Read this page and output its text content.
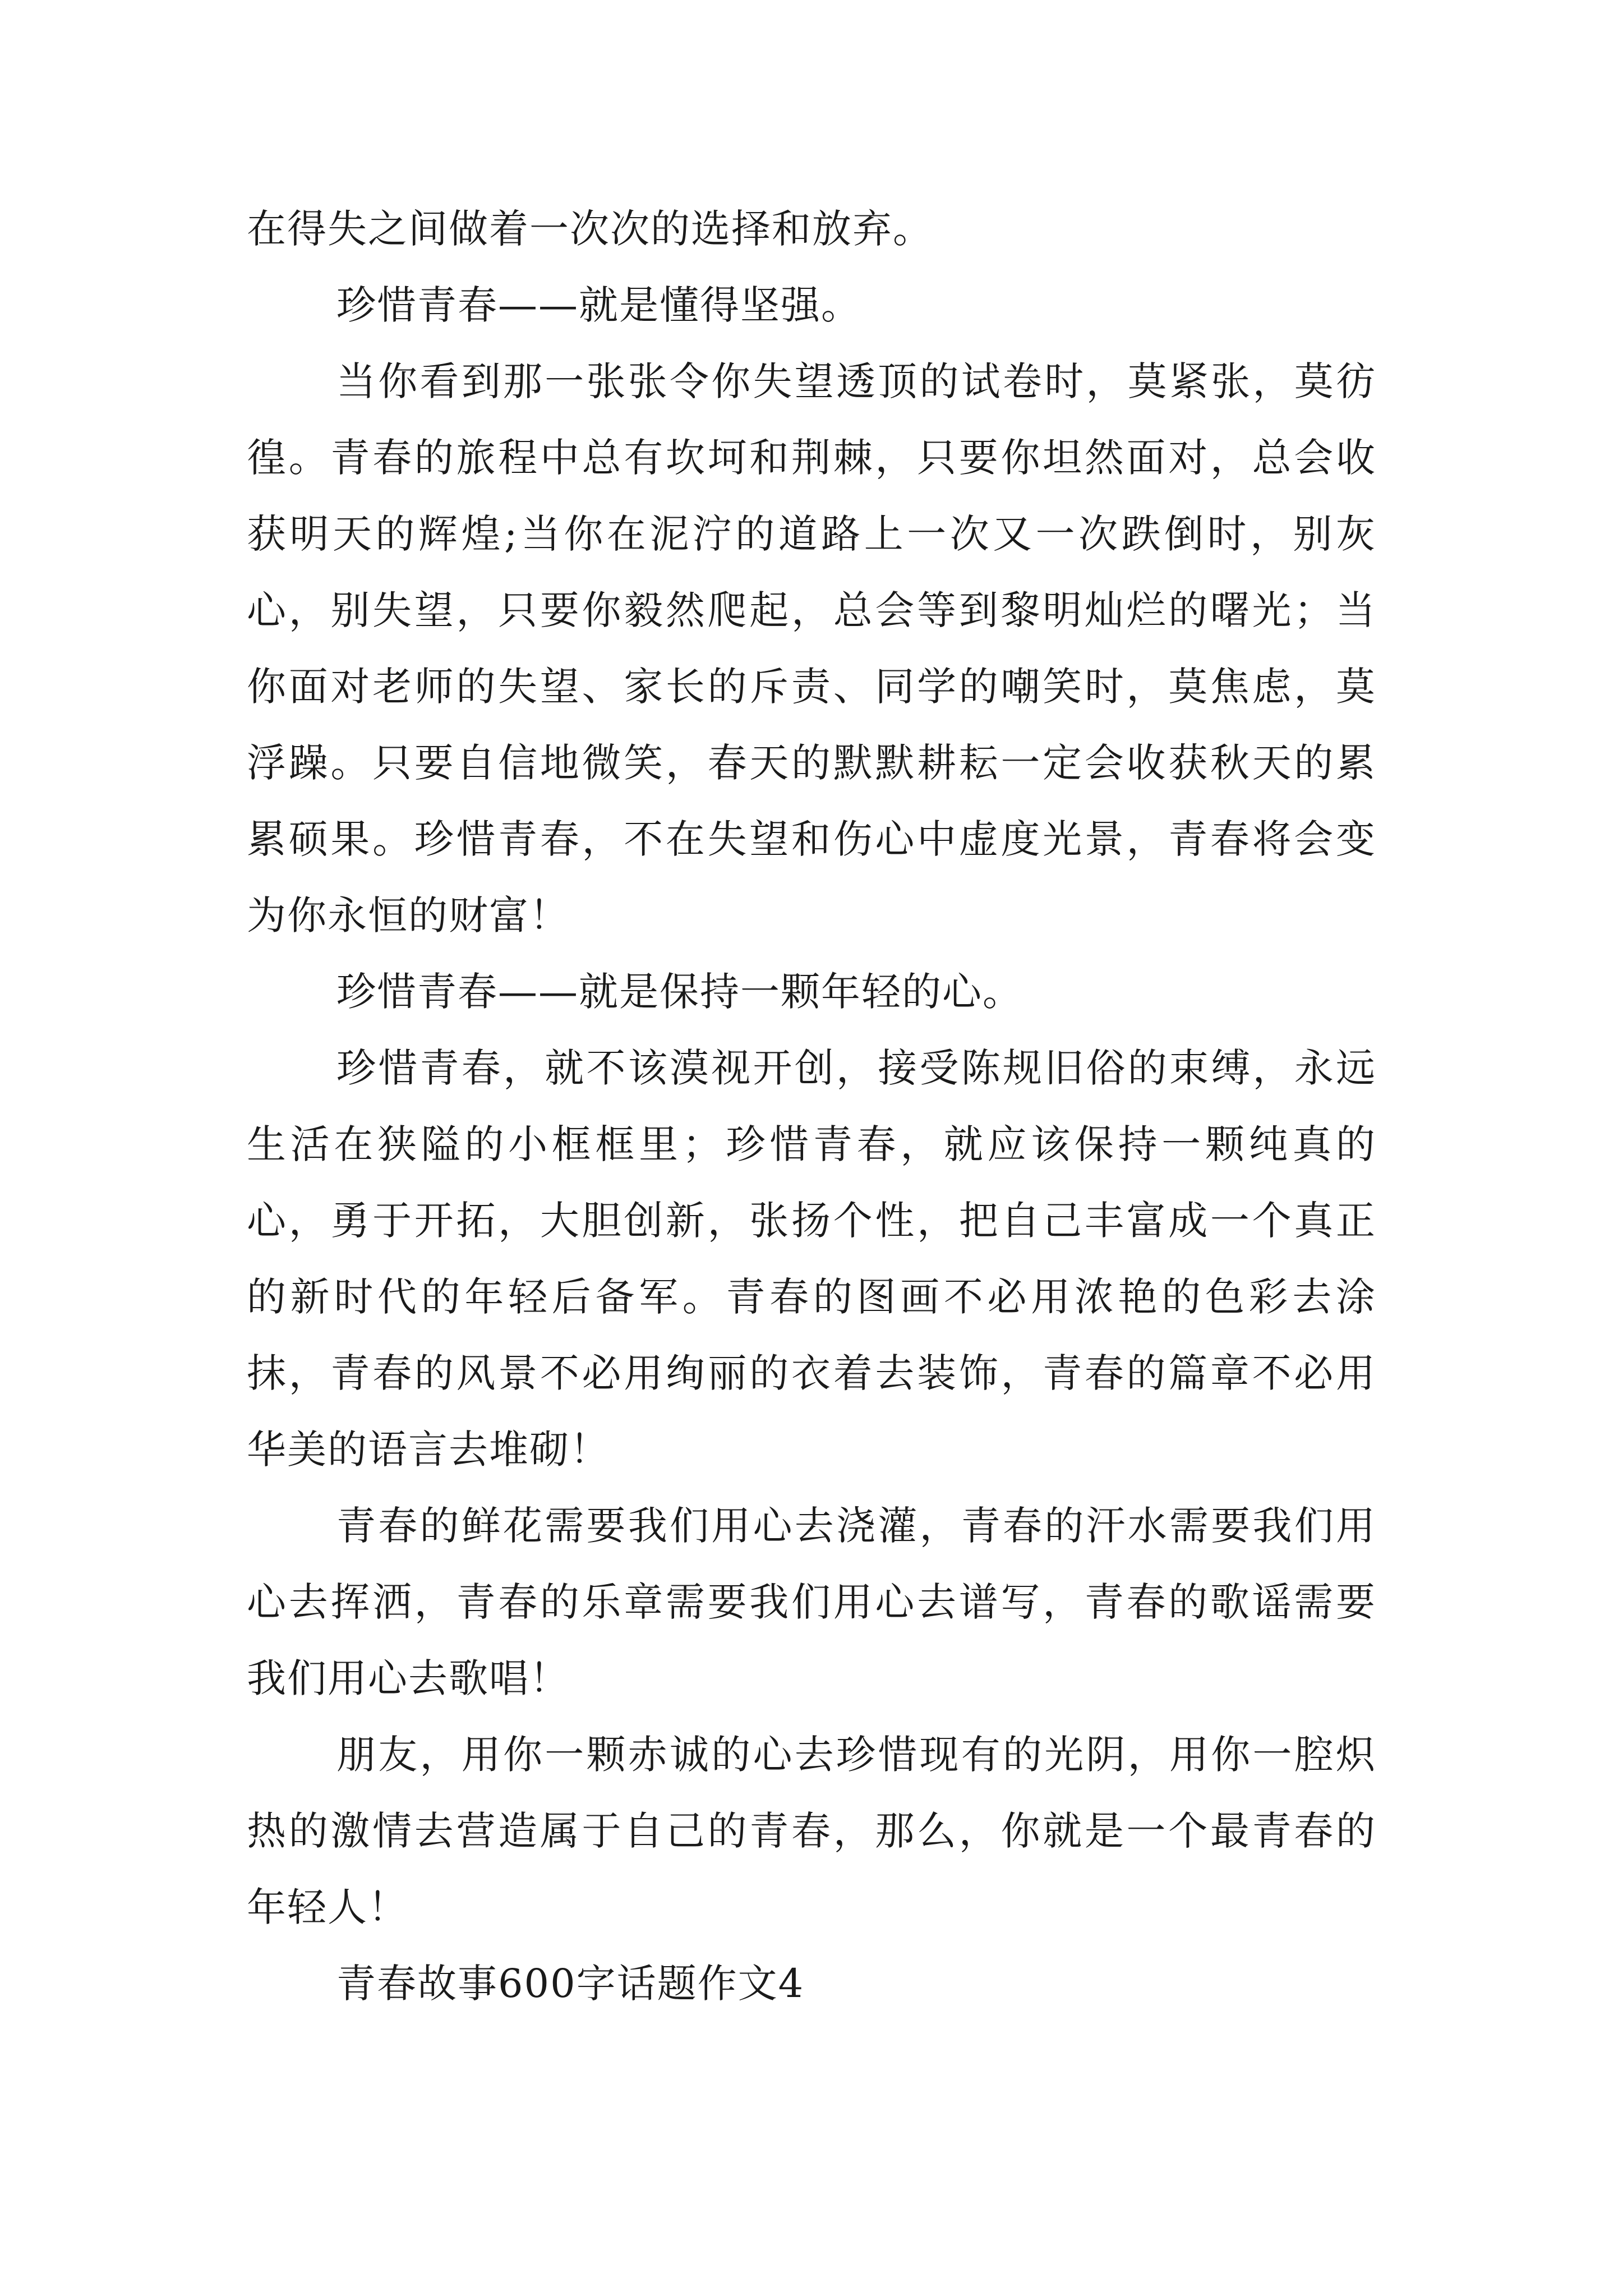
在得失之间做着一次次的选择和放弃。

珍惜青春——就是懂得坚强。

当你看到那一张张令你失望透顶的试卷时，莫紧张，莫彷徨。青春的旅程中总有坎坷和荆棘，只要你坦然面对，总会收获明天的辉煌;当你在泥泞的道路上一次又一次跌倒时，别灰心，别失望，只要你毅然爬起，总会等到黎明灿烂的曙光；当你面对老师的失望、家长的斥责、同学的嘲笑时，莫焦虑，莫浮躁。只要自信地微笑，春天的默默耕耘一定会收获秋天的累累硕果。珍惜青春，不在失望和伤心中虚度光景，青春将会变为你永恒的财富！

珍惜青春——就是保持一颗年轻的心。

珍惜青春，就不该漠视开创，接受陈规旧俗的束缚，永远生活在狭隘的小框框里；珍惜青春，就应该保持一颗纯真的心，勇于开拓，大胆创新，张扬个性，把自己丰富成一个真正的新时代的年轻后备军。青春的图画不必用浓艳的色彩去涂抹，青春的风景不必用绚丽的衣着去装饰，青春的篇章不必用华美的语言去堆砌！

青春的鲜花需要我们用心去浇灌，青春的汗水需要我们用心去挥洒，青春的乐章需要我们用心去谱写，青春的歌谣需要我们用心去歌唱！

朋友，用你一颗赤诚的心去珍惜现有的光阴，用你一腔炽热的激情去营造属于自己的青春，那么，你就是一个最青春的年轻人！

青春故事600字话题作文4
